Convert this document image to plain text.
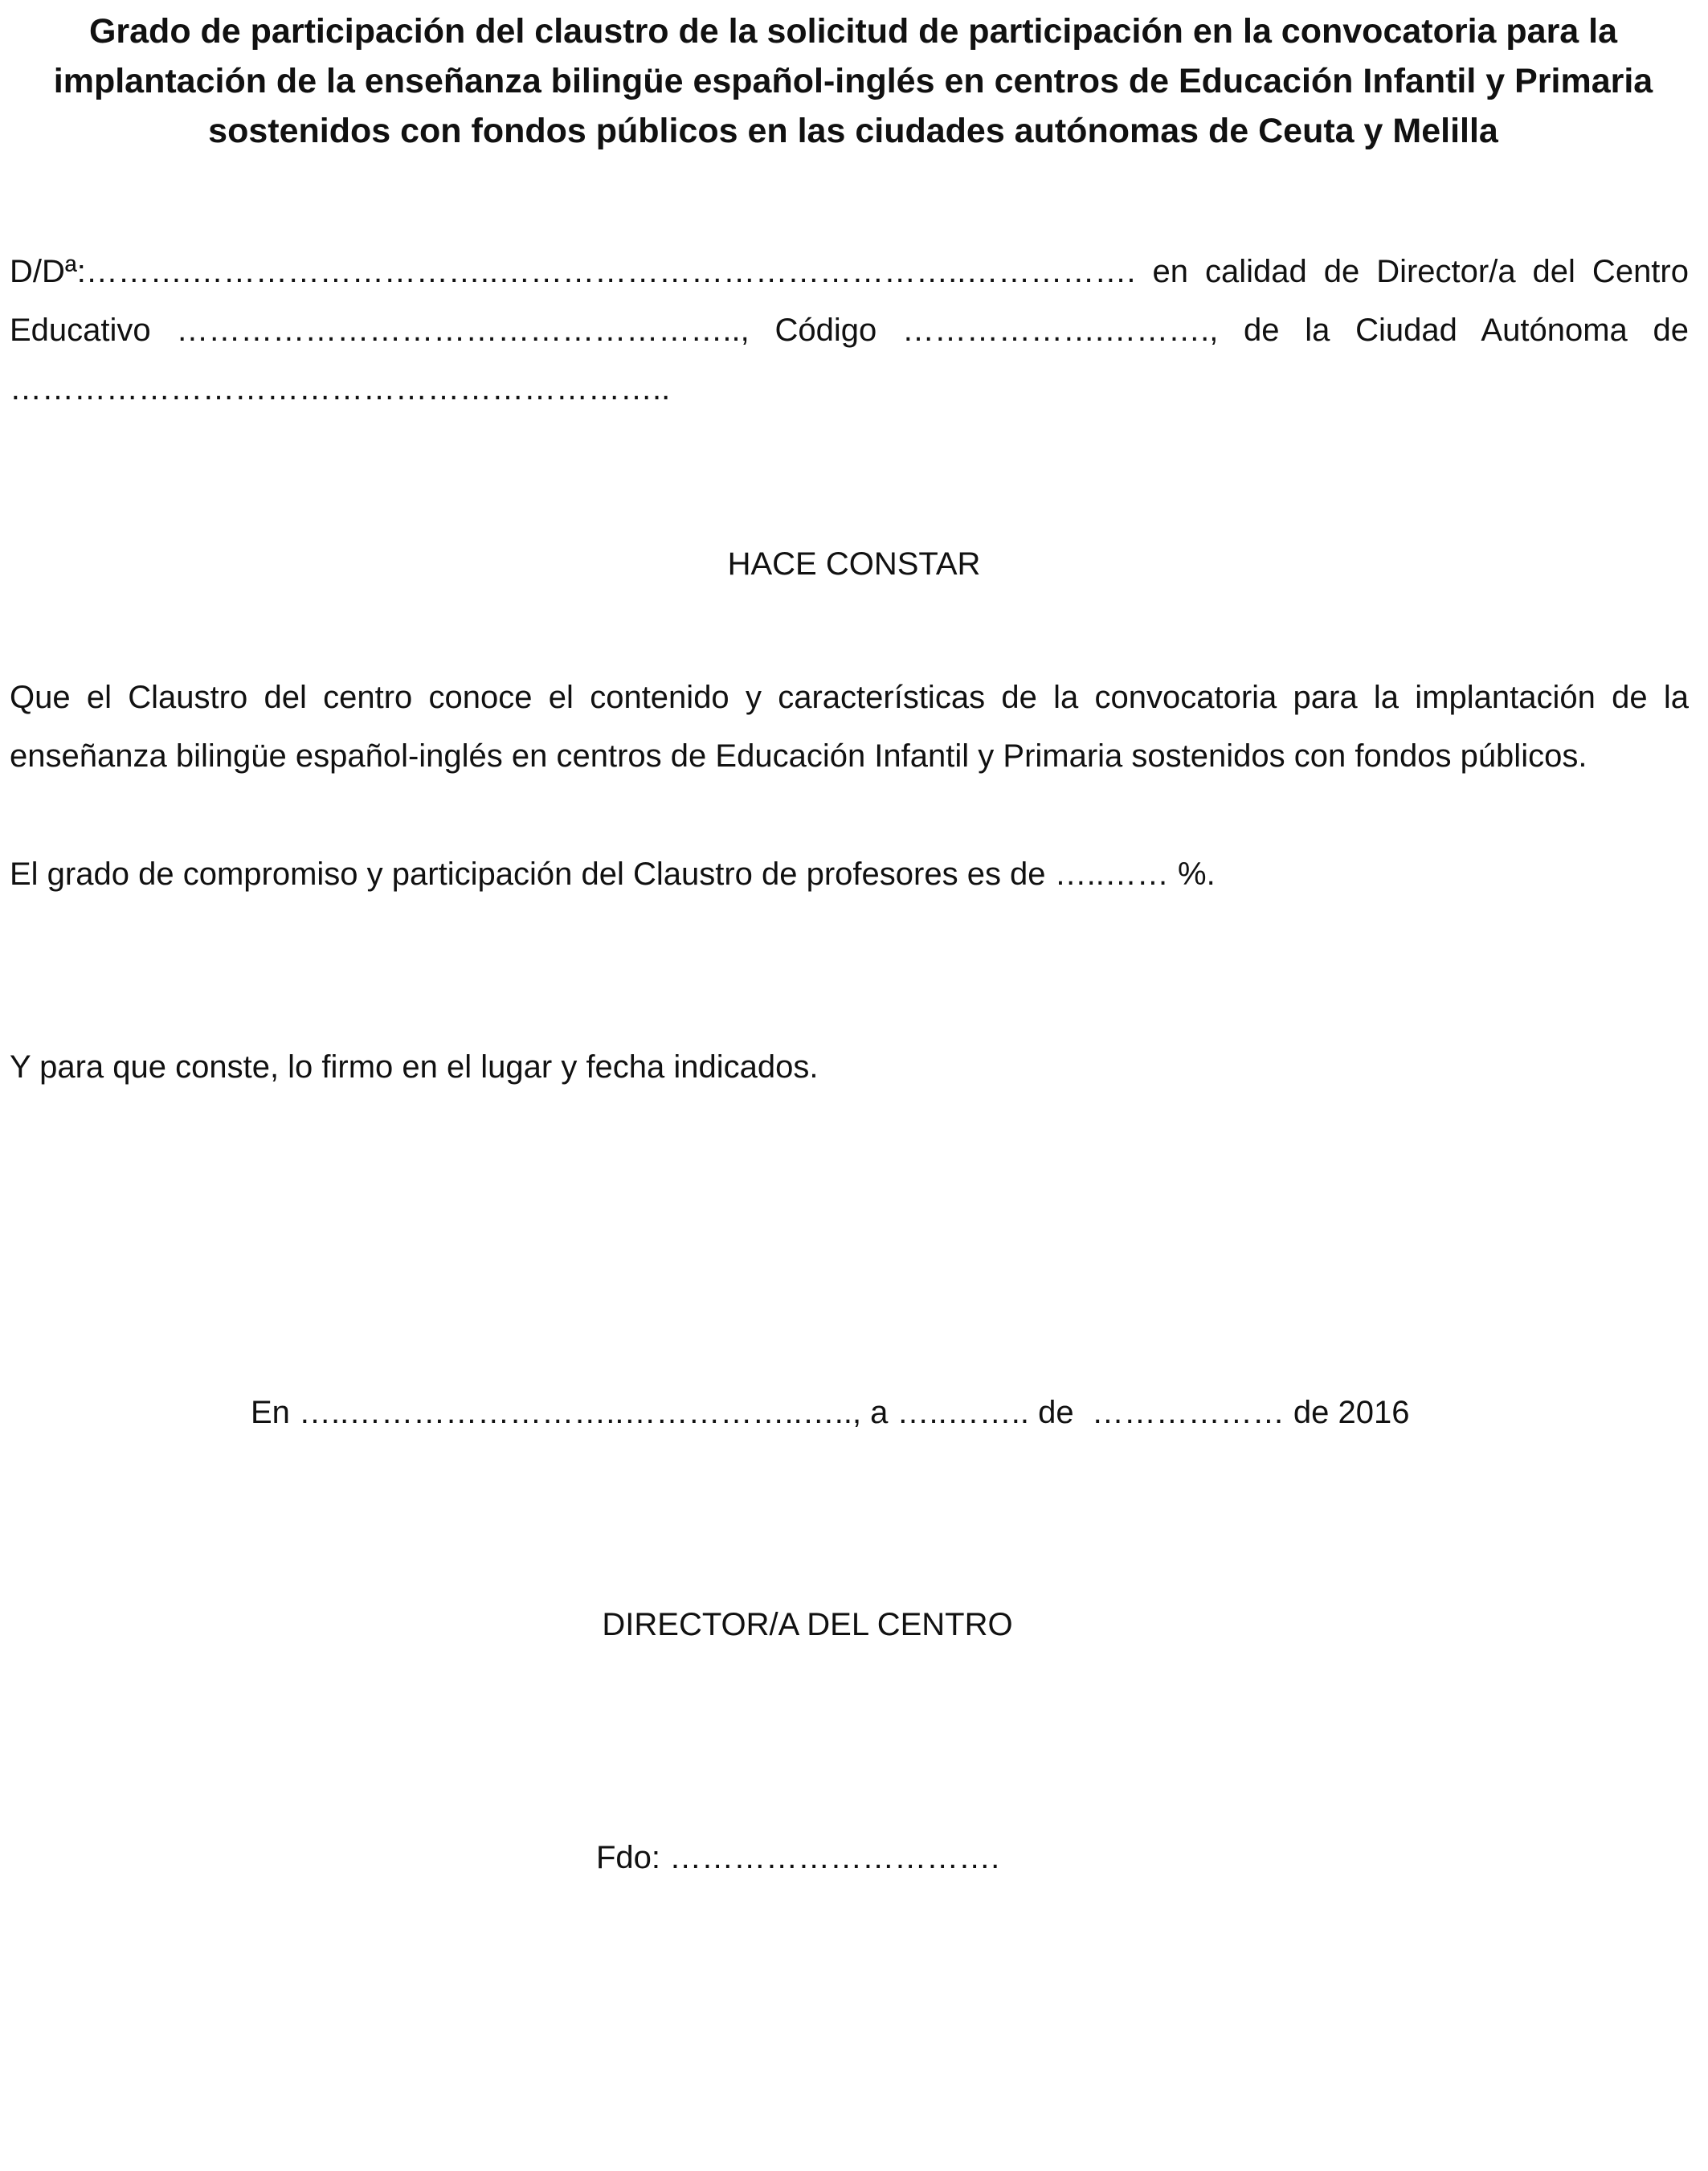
Grado de participación del claustro de la solicitud de participación en la convocatoria para la implantación de la enseñanza bilingüe español-inglés en centros de Educación Infantil y Primaria sostenidos con fondos públicos en las ciudades autónomas de Ceuta y Melilla

D/Dª:……….………………………..……………………………………..……………. en calidad de Director/a del Centro Educativo …………………………………………….., Código ……………….………., de la Ciudad Autónoma de ……………………………………………………..

HACE CONSTAR

Que el Claustro del centro conoce el contenido y características de la convocatoria para la implantación de la enseñanza bilingüe español-inglés en centros de Educación Infantil y Primaria sostenidos con fondos públicos.

El grado de compromiso y participación del Claustro de profesores es de …..…… %.

Y para que conste, lo firmo en el lugar y fecha indicados.

En …..……………………..……………..….., a …..…….. de  ……………… de 2016

DIRECTOR/A DEL CENTRO

Fdo: ………………………….
